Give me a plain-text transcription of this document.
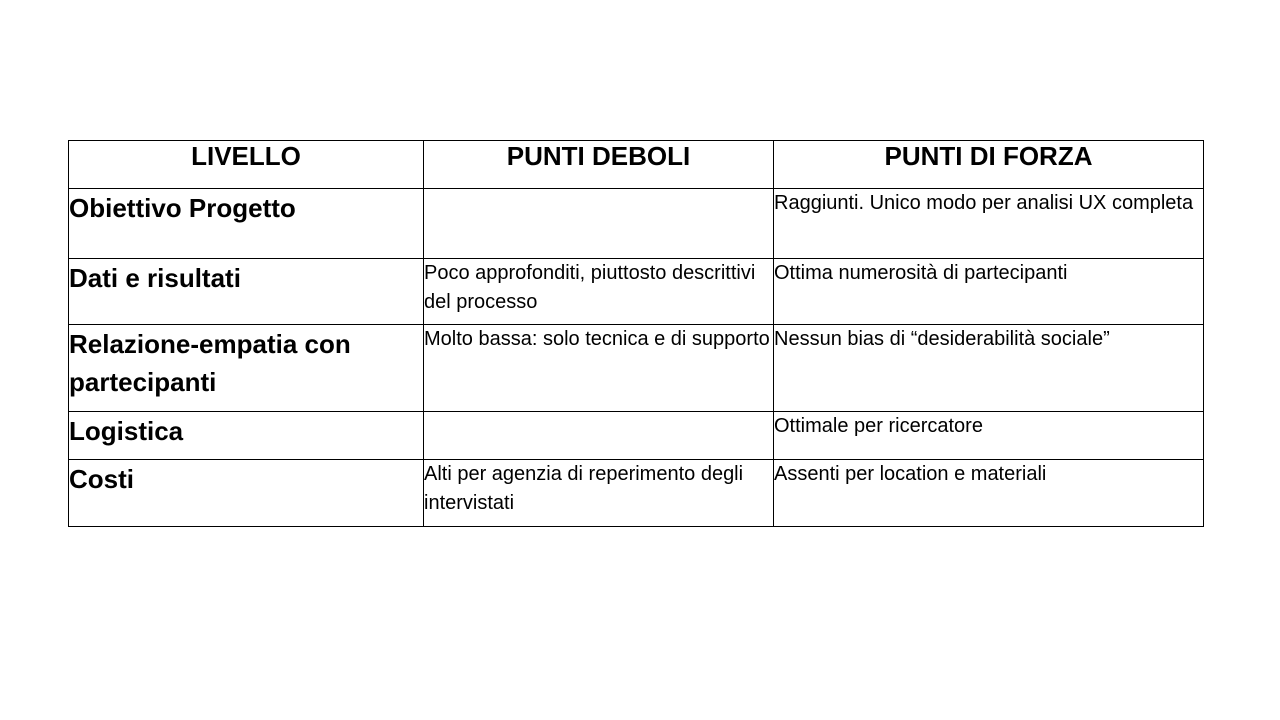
LIVELLO	PUNTI DEBOLI	PUNTI DI FORZA
Obiettivo Progetto		Raggiunti. Unico modo per analisi UX completa
Dati e risultati	Poco approfonditi, piuttosto descrittivi del processo	Ottima numerosità di partecipanti
Relazione-empatia con partecipanti	Molto bassa: solo tecnica e di supporto	Nessun bias di “desiderabilità sociale”
Logistica		Ottimale per ricercatore
Costi	Alti per agenzia di reperimento degli intervistati	Assenti per location e materiali
